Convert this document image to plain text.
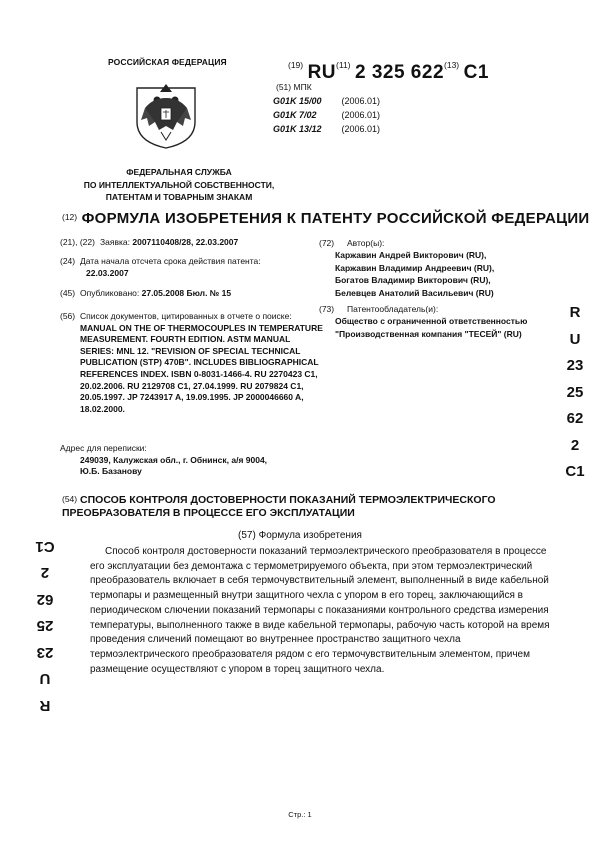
РОССИЙСКАЯ ФЕДЕРАЦИЯ
ФЕДЕРАЛЬНАЯ СЛУЖБА
ПО ИНТЕЛЛЕКТУАЛЬНОЙ СОБСТВЕННОСТИ,
ПАТЕНТАМ И ТОВАРНЫМ ЗНАКАМ
$^{(19)}$ RU$^{(11)}$ 2 325 622$^{(13)}$ C1
(51) МПК
G01K 15/00 (2006.01)
G01K 7/02	(2006.01)
G01K 13/12 (2006.01)
(12) ФОРМУЛА ИЗОБРЕТЕНИЯ К ПАТЕНТУ РОССИЙСКОЙ ФЕДЕРАЦИИ
(21), (22) Заявка: 2007110408/28, 22.03.2007
(24) Дата начала отсчета срока действия патента:
22.03.2007
(45) Опубликовано: 27.05.2008 Бюл. № 15
(56) Список документов, цитированных в отчете о поиске: MANUAL ON THE OF THERMOCOUPLES IN TEMPERATURE MEASUREMENT. FOURTH EDITION. ASTM MANUAL SERIES: MNL 12. "REVISION OF SPECIAL TECHNICAL PUBLICATION (STP) 470B". INCLUDES BIBLIOGRAPHICAL REFERENCES INDEX. ISBN 0-8031-1466-4. RU 2270423 C1, 20.02.2006. RU 2129708 C1, 27.04.1999. RU 2079824 C1, 20.05.1997. JP 7243917 A, 19.09.1995. JP 2000046660 A, 18.02.2000.
Адрес для переписки:
249039, Калужская обл., г. Обнинск, а/я 9004,
Ю.Б. Базанову
(72) Автор(ы):
Каржавин Андрей Викторович (RU),
Каржавин Владимир Андреевич (RU),
Богатов Владимир Викторович (RU),
Белевцев Анатолий Васильевич (RU)
(73) Патентообладатель(и):
Общество с ограниченной ответственностью "Производственная компания "ТЕСЕЙ" (RU)
RU 2325622 C1
RU 2325622 C1
(54) СПОСОБ КОНТРОЛЯ ДОСТОВЕРНОСТИ ПОКАЗАНИЙ ТЕРМОЭЛЕКТРИЧЕСКОГО ПРЕОБРАЗОВАТЕЛЯ В ПРОЦЕССЕ ЕГО ЭКСПЛУАТАЦИИ
(57) Формула изобретения
Способ контроля достоверности показаний термоэлектрического преобразователя в процессе его эксплуатации без демонтажа с термометрируемого объекта, при этом термоэлектрический преобразователь включает в себя термочувствительный элемент, выполненный в виде кабельной термопары и размещенный внутри защитного чехла с упором в его торец, заключающийся в периодическом слючении показаний термопары с показаниями контрольного средства измерения температуры, выполненного также в виде кабельной термопары, рабочую часть которой на время проведения сличений помещают во внутреннее пространство защитного чехла термоэлектрического преобразователя рядом с его термочувствительным элементом, причем размещение осуществляют с упором в торец защитного чехла.
Стр.: 1
